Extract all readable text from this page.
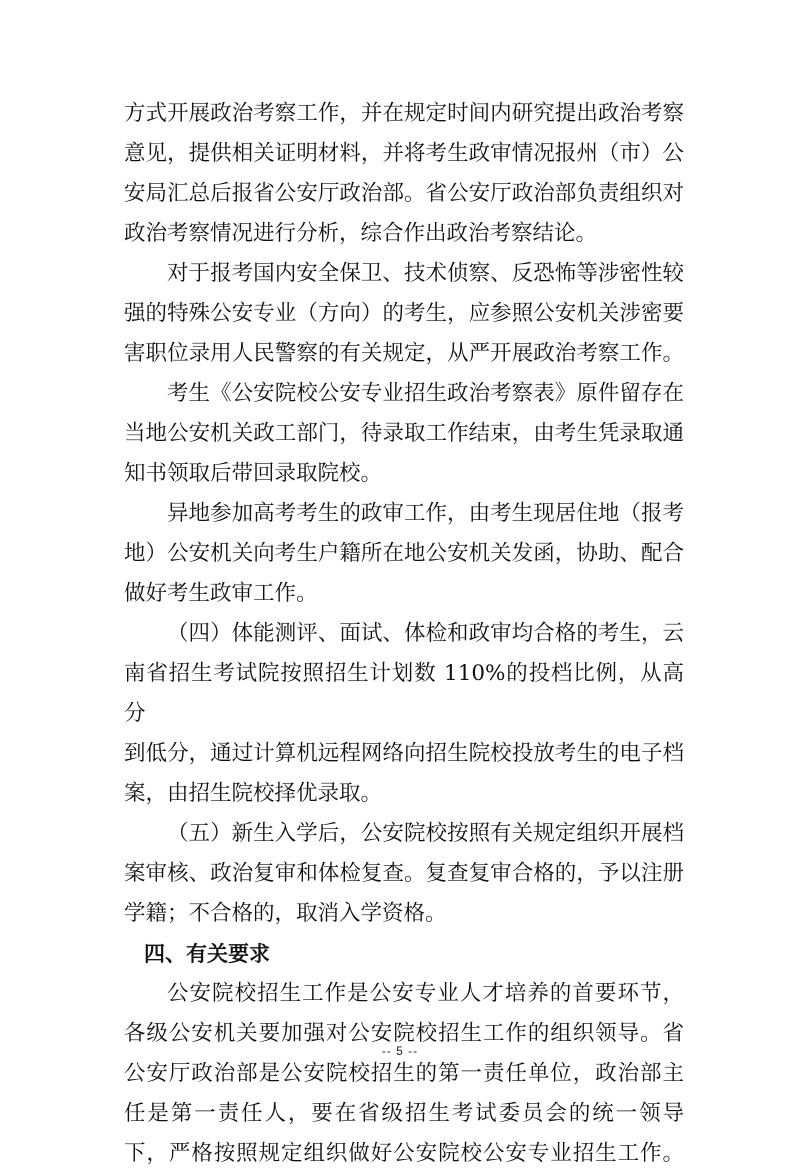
方式开展政治考察工作，并在规定时间内研究提出政治考察

意见，提供相关证明材料，并将考生政审情况报州（市）公

安局汇总后报省公安厅政治部。省公安厅政治部负责组织对

政治考察情况进行分析，综合作出政治考察结论。

对于报考国内安全保卫、技术侦察、反恐怖等涉密性较

强的特殊公安专业（方向）的考生，应参照公安机关涉密要

害职位录用人民警察的有关规定，从严开展政治考察工作。

考生《公安院校公安专业招生政治考察表》原件留存在

当地公安机关政工部门，待录取工作结束，由考生凭录取通

知书领取后带回录取院校。

异地参加高考考生的政审工作，由考生现居住地（报考

地）公安机关向考生户籍所在地公安机关发函，协助、配合

做好考生政审工作。

（四）体能测评、面试、体检和政审均合格的考生，云

南省招生考试院按照招生计划数 110%的投档比例，从高分

到低分，通过计算机远程网络向招生院校投放考生的电子档

案，由招生院校择优录取。

（五）新生入学后，公安院校按照有关规定组织开展档

案审核、政治复审和体检复查。复查复审合格的，予以注册

学籍；不合格的，取消入学资格。

四、有关要求

公安院校招生工作是公安专业人才培养的首要环节，

各级公安机关要加强对公安院校招生工作的组织领导。省

公安厅政治部是公安院校招生的第一责任单位，政治部主

任是第一责任人，要在省级招生考试委员会的统一领导

下，严格按照规定组织做好公安院校公安专业招生工作。

-- 5 --
